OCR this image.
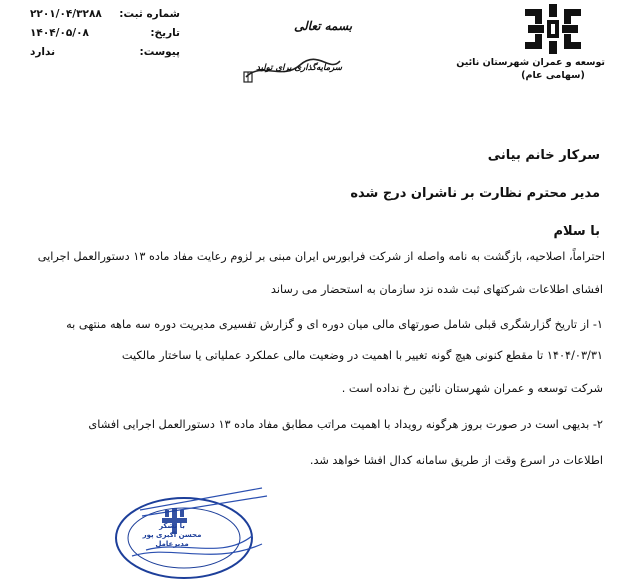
توسعه و عمران شهرستان نائین
(سهامی عام)
شماره ثبت:
۲۲۰۱/۰۴/۳۲۸۸
تاریخ:
۱۴۰۴/۰۵/۰۸
پیوست:
ندارد
بسمه تعالی
سرمایه‌گذاری برای تولید
سرکار خانم بیانی
مدیر محترم نظارت بر ناشران درج شده
با سلام
احتراماً، اصلاحیه، بازگشت به نامه واصله از شرکت فرابورس ایران مبنی بر لزوم رعایت مفاد ماده ۱۳ دستورالعمل اجرایی
افشای اطلاعات شرکتهای ثبت شده نزد سازمان به استحضار می رساند
۱- از تاریخ گزارشگری قبلی شامل صورتهای مالی میان دوره ای و گزارش تفسیری مدیریت دوره سه ماهه منتهی به
۱۴۰۴/۰۳/۳۱ تا مقطع کنونی هیچ گونه تغییر با اهمیت در وضعیت مالی عملکرد عملیاتی یا ساختار مالکیت
شرکت توسعه و عمران شهرستان نائین رخ نداده است .
۲- بدیهی است در صورت بروز هرگونه رویداد با اهمیت مراتب مطابق مفاد ماده ۱۳ دستورالعمل اجرایی افشای
اطلاعات در اسرع وقت از طریق سامانه کدال افشا خواهد شد.
با تشکر
محسن اکبری پور
مدیرعامل
